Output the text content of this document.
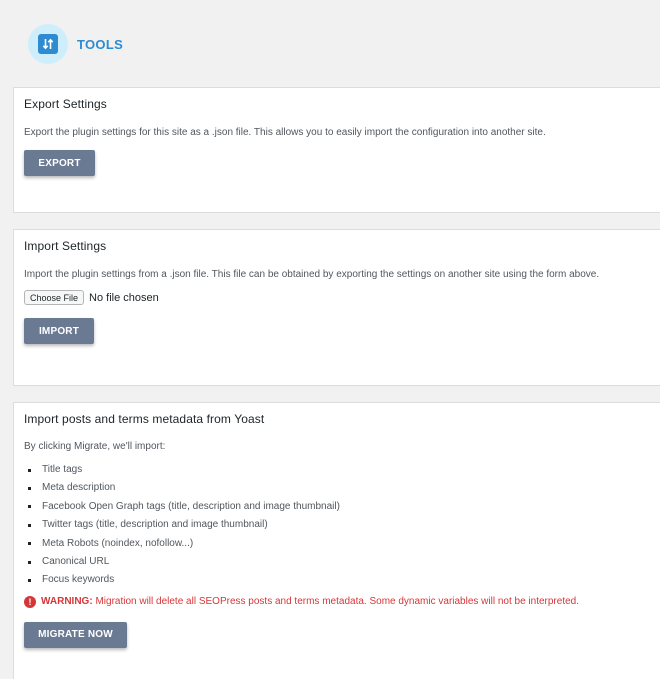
TOOLS
Export Settings

Export the plugin settings for this site as a .json file. This allows you to easily import the configuration into another site.

EXPORT
Import Settings

Import the plugin settings from a .json file. This file can be obtained by exporting the settings on another site using the form above.

Choose File	No file chosen
IMPORT
Import posts and terms metadata from Yoast

By clicking Migrate, we'll import:

Title tags
Meta description
Facebook Open Graph tags (title, description and image thumbnail)
Twitter tags (title, description and image thumbnail)
Meta Robots (noindex, nofollow...)
Canonical URL
Focus keywords
! WARNING: Migration will delete all SEOPress posts and terms metadata. Some dynamic variables will not be interpreted.
MIGRATE NOW
